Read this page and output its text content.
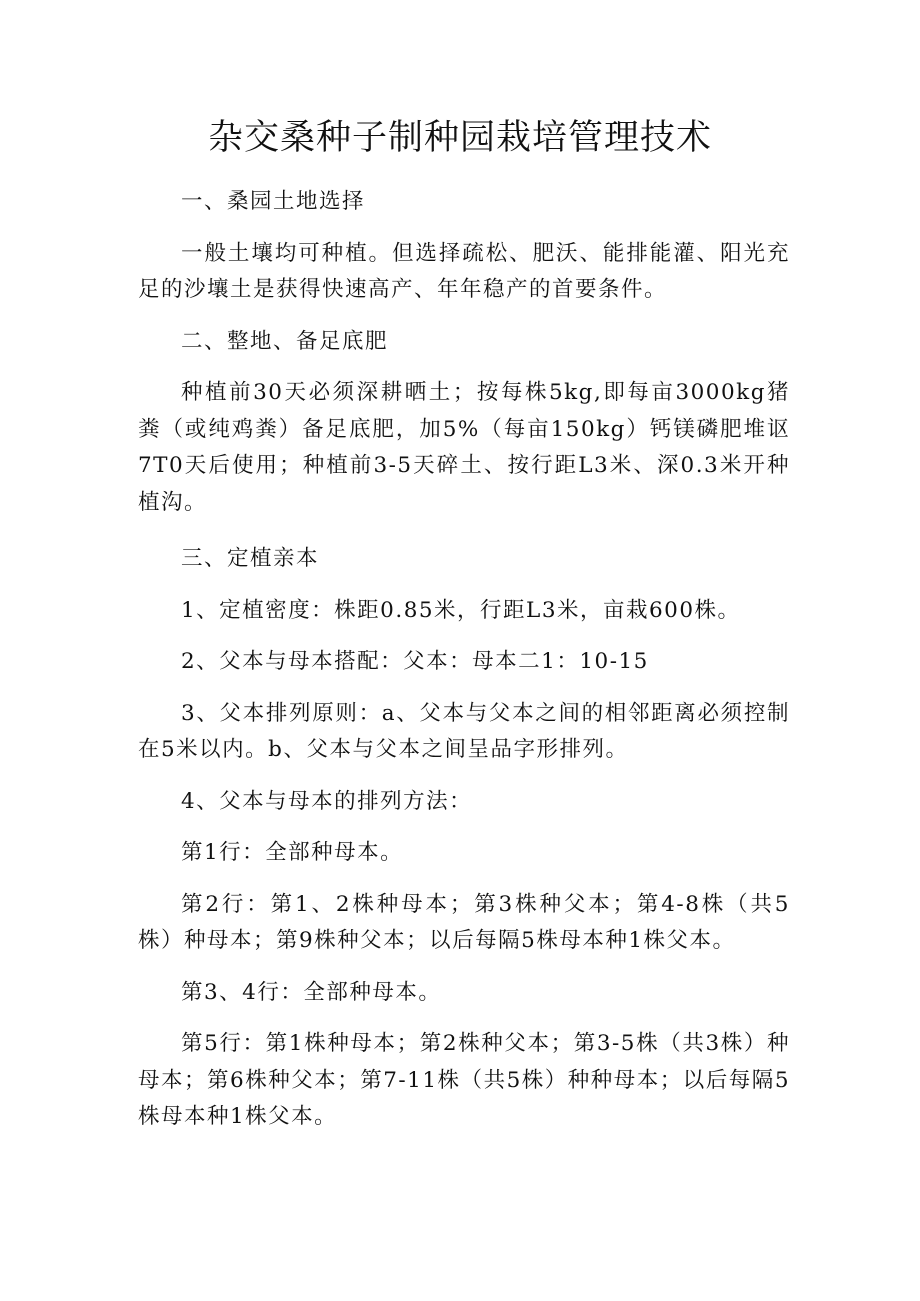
杂交桑种子制种园栽培管理技术

一、桑园土地选择

一般土壤均可种植。但选择疏松、肥沃、能排能灌、阳光充足的沙壤土是获得快速高产、年年稳产的首要条件。

二、整地、备足底肥

种植前30天必须深耕晒土；按每株5kg,即每亩3000kg猪粪（或纯鸡粪）备足底肥，加5%（每亩150kg）钙镁磷肥堆讴7T0天后使用；种植前3-5天碎土、按行距L3米、深0.3米开种植沟。

三、定植亲本

1、定植密度：株距0.85米，行距L3米，亩栽600株。

2、父本与母本搭配：父本：母本二1：10-15

3、父本排列原则：a、父本与父本之间的相邻距离必须控制在5米以内。b、父本与父本之间呈品字形排列。

4、父本与母本的排列方法：

第1行：全部种母本。

第2行：第1、2株种母本；第3株种父本；第4-8株（共5株）种母本；第9株种父本；以后每隔5株母本种1株父本。

第3、4行：全部种母本。

第5行：第1株种母本；第2株种父本；第3-5株（共3株）种母本；第6株种父本；第7-11株（共5株）种种母本；以后每隔5株母本种1株父本。
